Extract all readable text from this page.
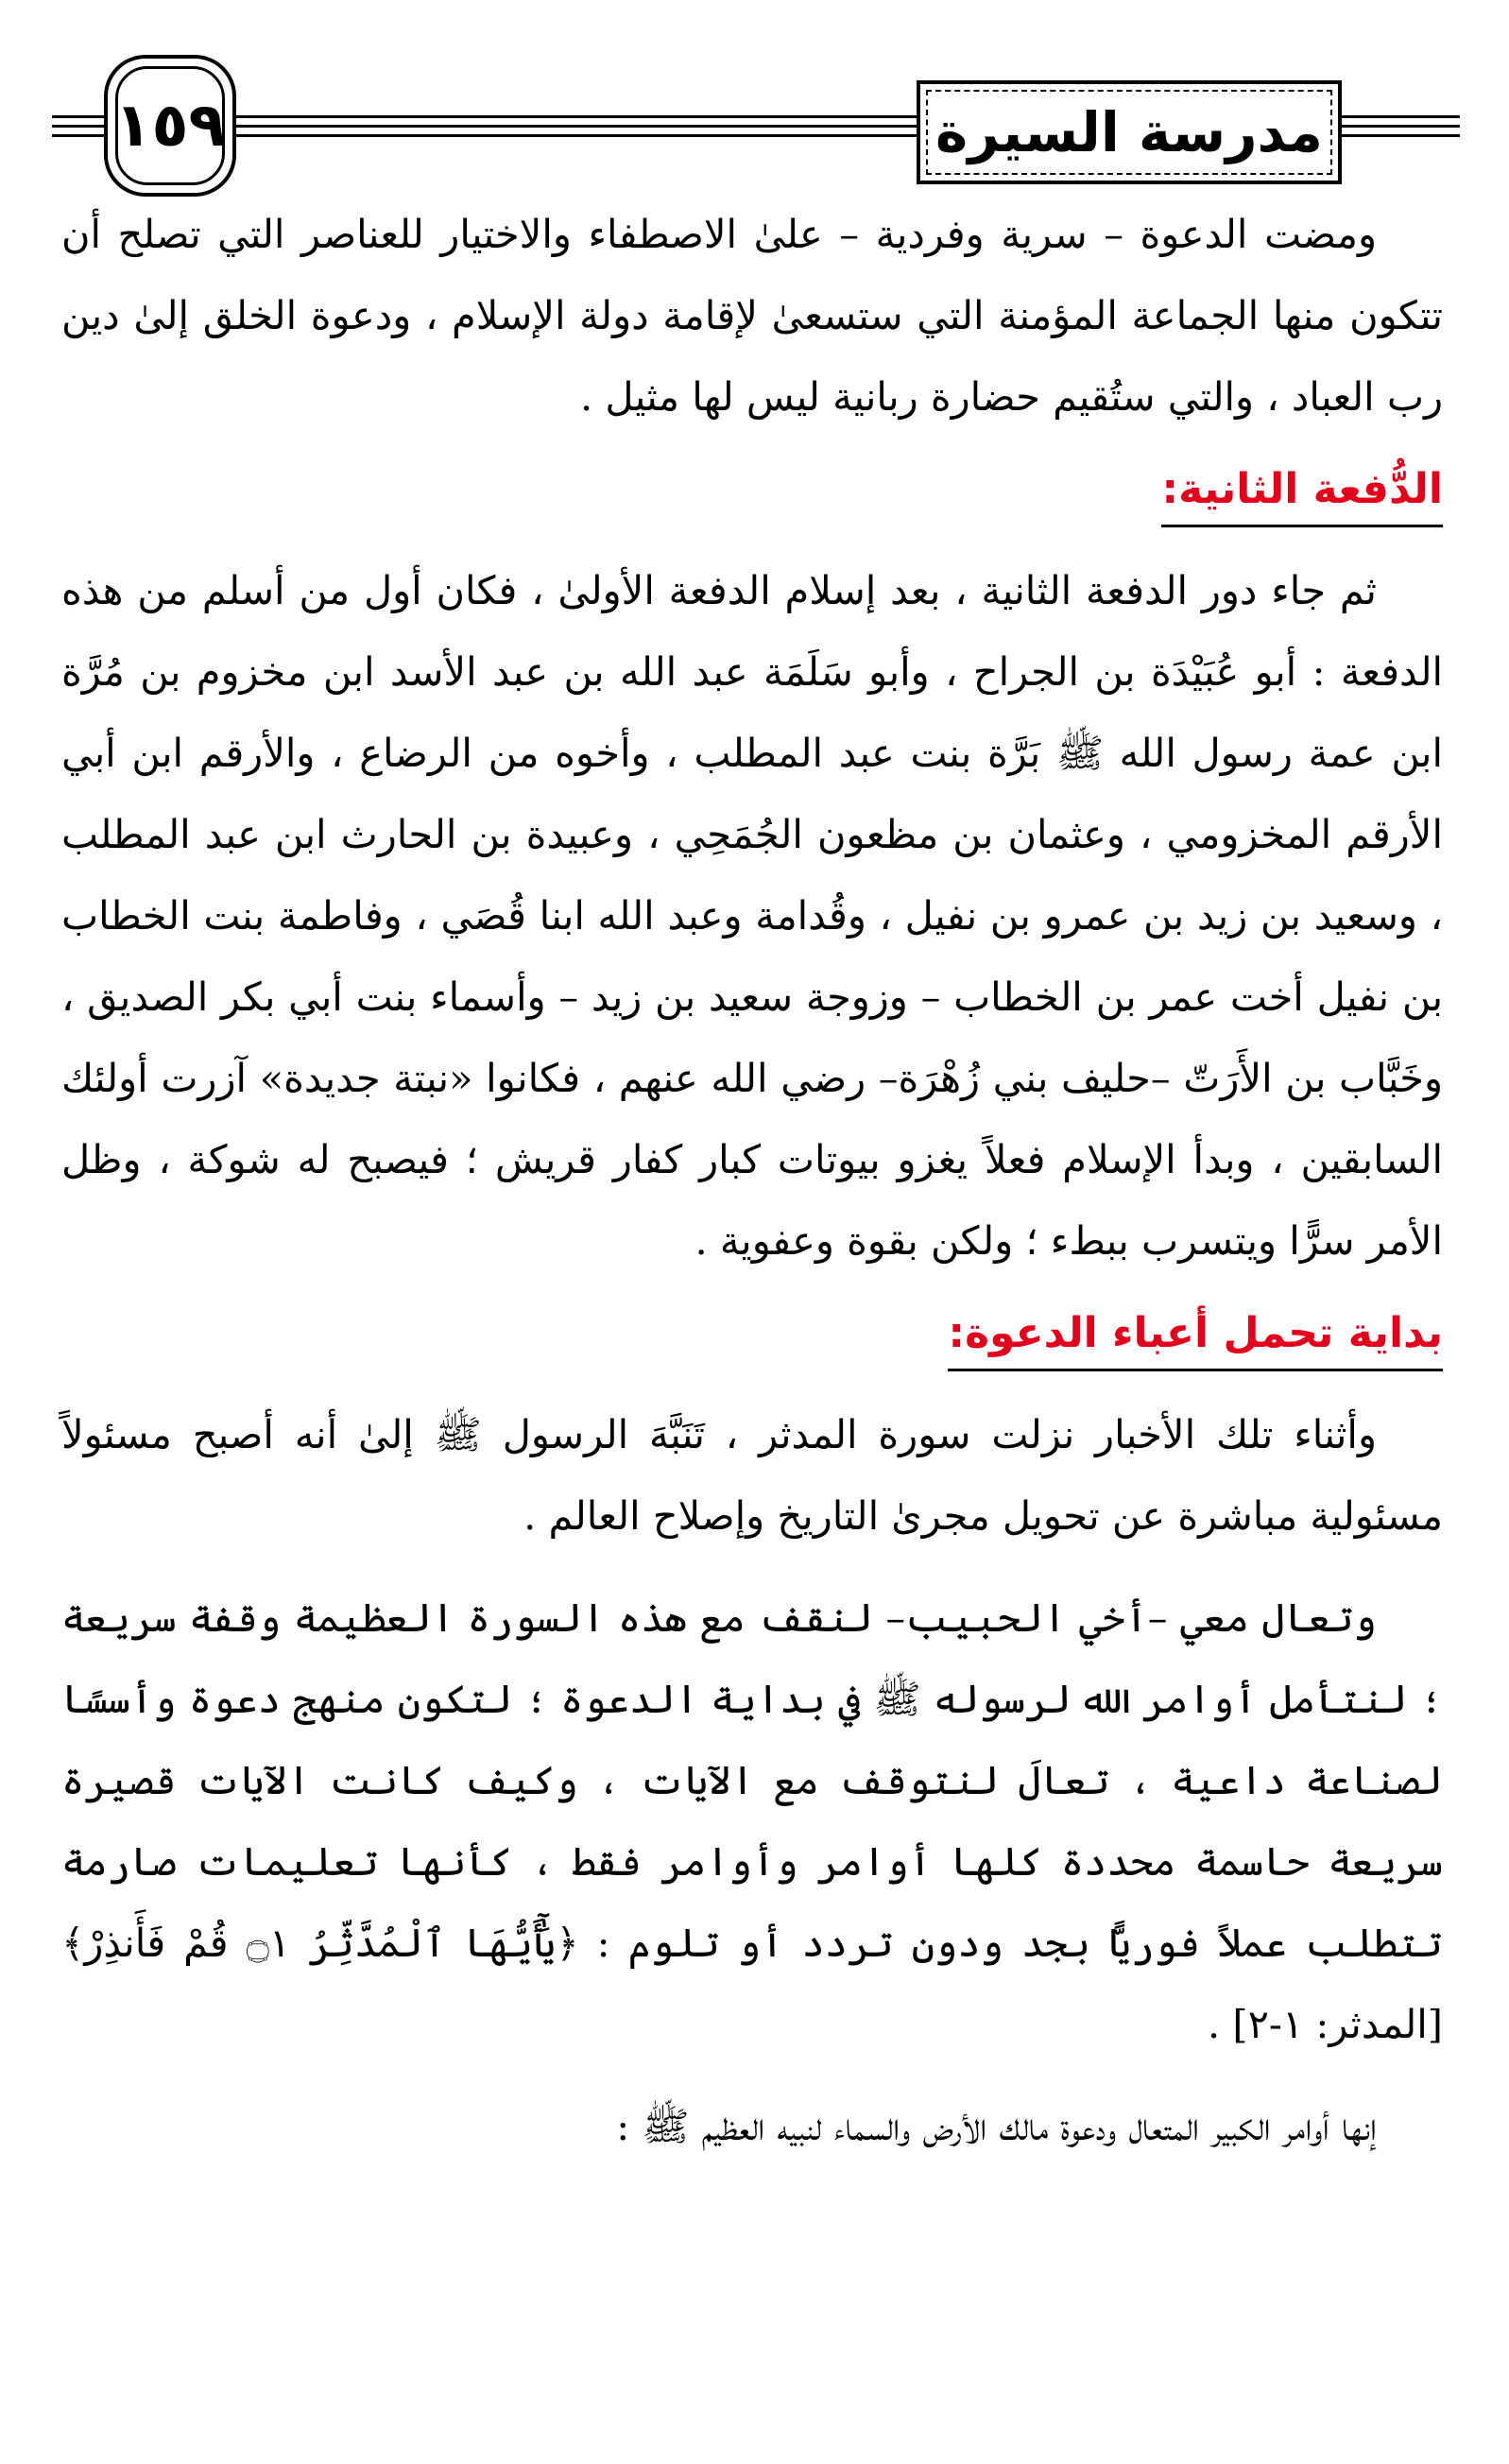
١٥٩	مدرسة السيرة

ومضت الدعوة – سرية وفردية – علىٰ الاصطفاء والاختيار للعناصر التي تصلح أن تتكون منها الجماعة المؤمنة التي ستسعىٰ لإقامة دولة الإسلام ، ودعوة الخلق إلىٰ دين رب العباد ، والتي ستُقيم حضارة ربانية ليس لها مثيل .

الدُّفعة الثانية:

ثم جاء دور الدفعة الثانية ، بعد إسلام الدفعة الأولىٰ ، فكان أول من أسلم من هذه الدفعة : أبو عُبَيْدَة بن الجراح ، وأبو سَلَمَة عبد الله بن عبد الأسد ابن مخزوم بن مُرَّة ابن عمة رسول الله ﷺ بَرَّة بنت عبد المطلب ، وأخوه من الرضاع ، والأرقم ابن أبي الأرقم المخزومي ، وعثمان بن مظعون الجُمَحِي ، وعبيدة بن الحارث ابن عبد المطلب ، وسعيد بن زيد بن عمرو بن نفيل ، وقُدامة وعبد الله ابنا قُصَي ، وفاطمة بنت الخطاب بن نفيل أخت عمر بن الخطاب – وزوجة سعيد بن زيد – وأسماء بنت أبي بكر الصديق ، وخَبَّاب بن الأَرَتّ –حليف بني زُهْرَة– رضي الله عنهم ، فكانوا «نبتة جديدة» آزرت أولئك السابقين ، وبدأ الإسلام فعلاً يغزو بيوتات كبار كفار قريش ؛ فيصبح له شوكة ، وظل الأمر سرًّا ويتسرب ببطء ؛ ولكن بقوة وعفوية .

بداية تحمل أعباء الدعوة:

وأثناء تلك الأخبار نزلت سورة المدثر ، تَنَبَّهَ الرسول ﷺ إلىٰ أنه أصبح مسئولاً مسئولية مباشرة عن تحويل مجرىٰ التاريخ وإصلاح العالم .

وتعال معي –أخي الحبيب– لنقف مع هذه السورة العظيمة وقفة سريعة ؛ لنتأمل أوامر الله لرسوله ﷺ في بداية الدعوة ؛ لتكون منهج دعوة وأسسًا لصناعة داعية ، تعالَ لنتوقف مع الآيات ، وكيف كانت الآيات قصيرة سريعة حاسمة محددة كلها أوامر وأوامر فقط ، كأنها تعليمات صارمة تتطلب عملاً فوريًّا بجد ودون تردد أو تلوم : ﴿يَٰٓأَيُّهَا ٱلْمُدَّثِّرُ ۝١ قُمْ فَأَنذِرْ﴾ [المدثر: ١-٢] .

إنها أوامر الكبير المتعال ودعوة مالك الأرض والسماء لنبيه العظيم ﷺ :
